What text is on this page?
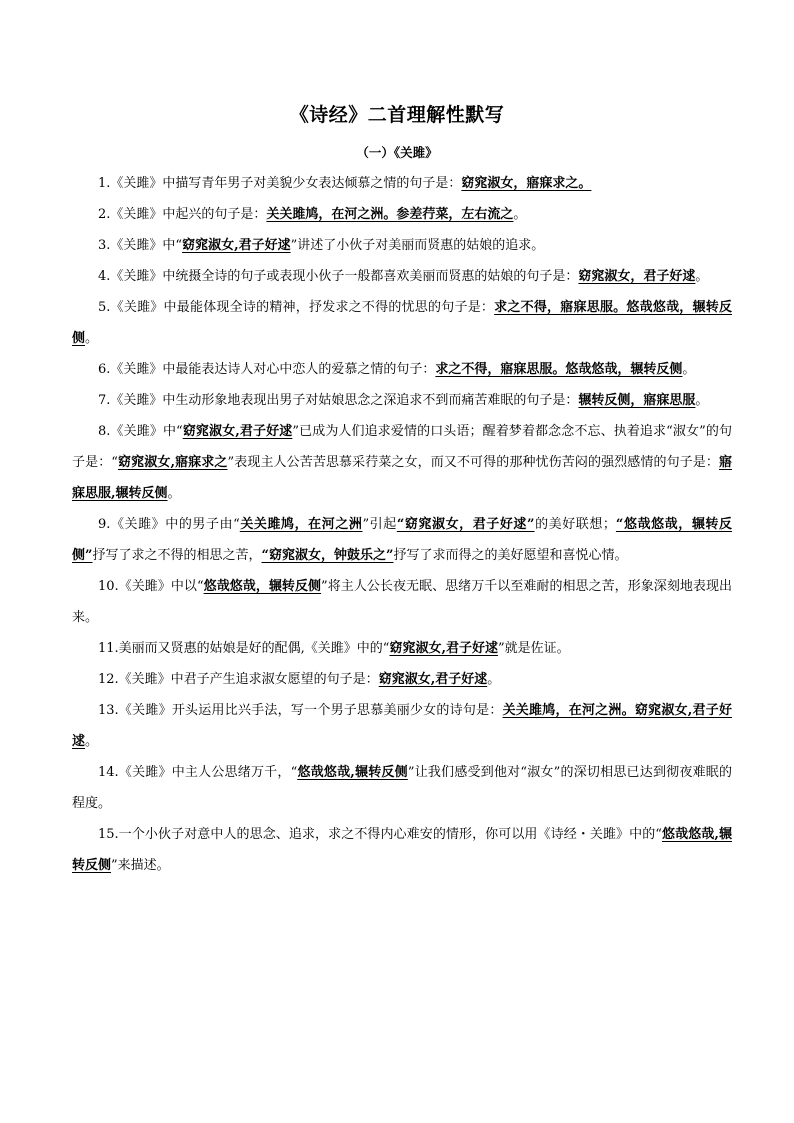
《诗经》二首理解性默写
（一）《关雎》

1.《关雎》中描写青年男子对美貌少女表达倾慕之情的句子是：窈窕淑女，寤寐求之。

2.《关雎》中起兴的句子是：关关雎鸠，在河之洲。参差荇菜，左右流之。

3.《关雎》中“窈窕淑女,君子好逑”讲述了小伙子对美丽而贤惠的姑娘的追求。

4.《关雎》中统摄全诗的句子或表现小伙子一般都喜欢美丽而贤惠的姑娘的句子是：窈窕淑女，君子好逑。

5.《关雎》中最能体现全诗的精神，抒发求之不得的忧思的句子是：求之不得，寤寐思服。悠哉悠哉，辗转反侧。

6.《关雎》中最能表达诗人对心中恋人的爱慕之情的句子：求之不得，寤寐思服。悠哉悠哉，辗转反侧。

7.《关雎》中生动形象地表现出男子对姑娘思念之深追求不到而痛苦难眠的句子是：辗转反侧，寤寐思服。

8.《关雎》中“窈窕淑女,君子好逑”已成为人们追求爱情的口头语；醒着梦着都念念不忘、执着追求“淑女”的句子是：“窈窕淑女,寤寐求之”表现主人公苦苦思慕采荇菜之女，而又不可得的那种忧伤苦闷的强烈感情的句子是：寤寐思服,辗转反侧。

9.《关雎》中的男子由“关关雎鸠，在河之洲”引起“窈窕淑女，君子好逑”的美好联想；“悠哉悠哉，辗转反侧”抒写了求之不得的相思之苦，“窈窕淑女，钟鼓乐之”抒写了求而得之的美好愿望和喜悦心情。

10.《关雎》中以“悠哉悠哉，辗转反侧”将主人公长夜无眠、思绪万千以至难耐的相思之苦，形象深刻地表现出来。

11.美丽而又贤惠的姑娘是好的配偶,《关雎》中的“窈窕淑女,君子好逑”就是佐证。

12.《关雎》中君子产生追求淑女愿望的句子是：窈窕淑女,君子好逑。

13.《关雎》开头运用比兴手法，写一个男子思慕美丽少女的诗句是：关关雎鸠，在河之洲。窈窕淑女,君子好逑。

14.《关雎》中主人公思绪万千，“悠哉悠哉,辗转反侧”让我们感受到他对“淑女”的深切相思已达到彻夜难眠的程度。

15.一个小伙子对意中人的思念、追求，求之不得内心难安的情形，你可以用《诗经・关雎》中的“悠哉悠哉,辗转反侧”来描述。
